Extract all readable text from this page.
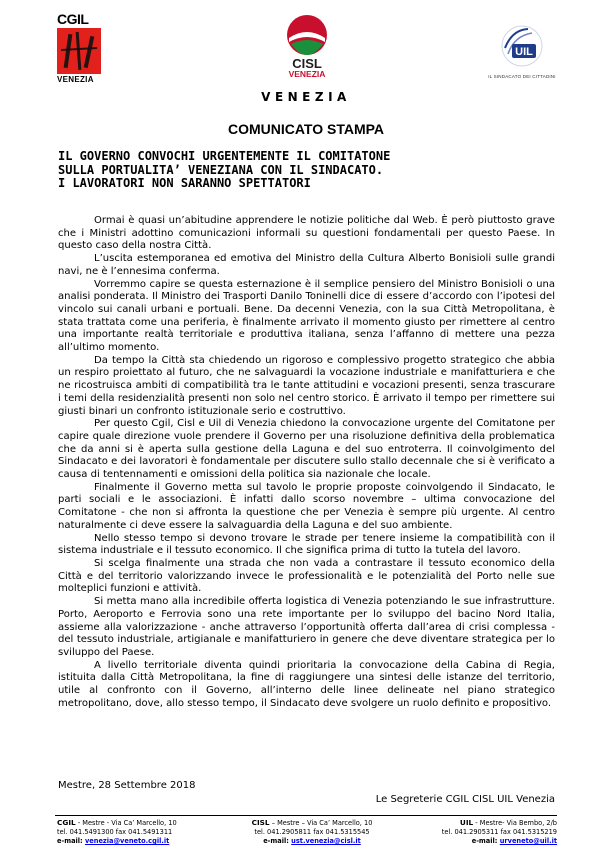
CGIL
VENEZIA
CISL
VENEZIA
UIL
IL SINDACATO DEI CITTADINI
VENEZIA
COMUNICATO STAMPA
IL GOVERNO CONVOCHI URGENTEMENTE IL COMITATONE
SULLA PORTUALITA’ VENEZIANA CON IL SINDACATO.
I LAVORATORI NON SARANNO SPETTATORI

Ormai è quasi un’abitudine apprendere le notizie politiche dal Web. È però piuttosto grave che i Ministri adottino comunicazioni informali su questioni fondamentali per questo Paese. In questo caso della nostra Città.

L’uscita estemporanea ed emotiva del Ministro della Cultura Alberto Bonisioli sulle grandi navi, ne è l’ennesima conferma.

Vorremmo capire se questa esternazione è il semplice pensiero del Ministro Bonisioli o una analisi ponderata. Il Ministro dei Trasporti Danilo Toninelli dice di essere d’accordo con l’ipotesi del vincolo sui canali urbani e portuali. Bene. Da decenni Venezia, con la sua Città Metropolitana, è stata trattata come una periferia, è finalmente arrivato il momento giusto per rimettere al centro una importante realtà territoriale e produttiva italiana, senza l’affanno di mettere una pezza all’ultimo momento.

Da tempo la Città sta chiedendo un rigoroso e complessivo progetto strategico che abbia un respiro proiettato al futuro, che ne salvaguardi la vocazione industriale e manifatturiera e che ne ricostruisca ambiti di compatibilità tra le tante attitudini e vocazioni presenti, senza trascurare i temi della residenzialità presenti non solo nel centro storico. È arrivato il tempo per rimettere sui giusti binari un confronto istituzionale serio e costruttivo.

Per questo Cgil, Cisl e Uil di Venezia chiedono la convocazione urgente del Comitatone per capire quale direzione vuole prendere il Governo per una risoluzione definitiva della problematica che da anni si è aperta sulla gestione della Laguna e del suo entroterra. Il coinvolgimento del Sindacato e dei lavoratori è fondamentale per discutere sullo stallo decennale che si è verificato a causa di tentennamenti e omissioni della politica sia nazionale che locale.

Finalmente il Governo metta sul tavolo le proprie proposte coinvolgendo il Sindacato, le parti sociali e le associazioni. È infatti dallo scorso novembre – ultima convocazione del Comitatone - che non si affronta la questione che per Venezia è sempre più urgente. Al centro naturalmente ci deve essere la salvaguardia della Laguna e del suo ambiente.

Nello stesso tempo si devono trovare le strade per tenere insieme la compatibilità con il sistema industriale e il tessuto economico. Il che significa prima di tutto la tutela del lavoro.

Si scelga finalmente una strada che non vada a contrastare il tessuto economico della Città e del territorio valorizzando invece le professionalità e le potenzialità del Porto nelle sue molteplici funzioni e attività.

Si metta mano alla incredibile offerta logistica di Venezia potenziando le sue infrastrutture. Porto, Aeroporto e Ferrovia sono una rete importante per lo sviluppo del bacino Nord Italia, assieme alla valorizzazione - anche attraverso l’opportunità offerta dall’area di crisi complessa - del tessuto industriale, artigianale e manifatturiero in genere che deve diventare strategica per lo sviluppo del Paese.

A livello territoriale diventa quindi prioritaria la convocazione della Cabina di Regia, istituita dalla Città Metropolitana, la fine di raggiungere una sintesi delle istanze del territorio, utile al confronto con il Governo, all’interno delle linee delineate nel piano strategico metropolitano, dove, allo stesso tempo, il Sindacato deve svolgere un ruolo definito e propositivo.

Mestre, 28 Settembre 2018
Le Segreterie CGIL CISL UIL Venezia
CGIL - Mestre - Via Ca’ Marcello, 10
tel. 041.5491300 fax 041.5491311
e-mail: venezia@veneto.cgil.it
CISL – Mestre – Via Ca’ Marcello, 10
tel. 041.2905811 fax 041.5315545
e-mail: ust.venezia@cisl.it
UIL - Mestre- Via Bembo, 2/b
tel. 041.2905311 fax 041.5315219
e-mail: urveneto@uil.it
